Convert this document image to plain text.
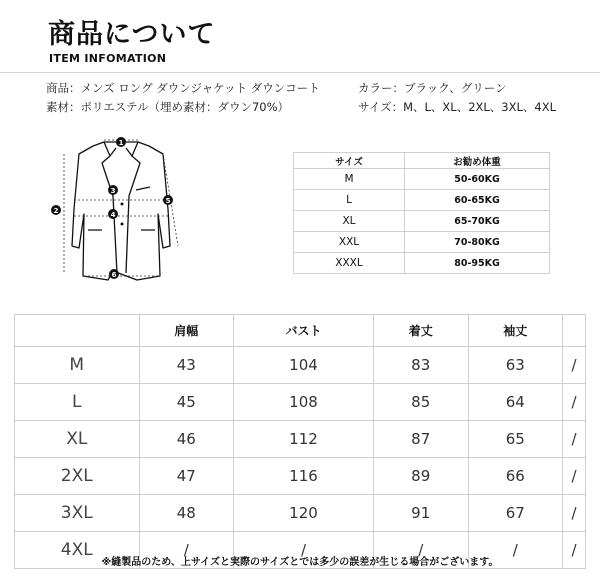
商品について
ITEM INFOMATION
商品：メンズ ロング ダウンジャケット ダウンコート
素材：ポリエステル（埋め素材：ダウン70%）
カラー：ブラック、グリーン
サイズ：M、L、XL、2XL、3XL、4XL
1
2
3
4
5
6
サイズ	お勧め体重
M	50-60KG
L	60-65KG
XL	65-70KG
XXL	70-80KG
XXXL	80-95KG
	肩幅	バスト	着丈	袖丈	
M	43	104	83	63	/
L	45	108	85	64	/
XL	46	112	87	65	/
2XL	47	116	89	66	/
3XL	48	120	91	67	/
4XL	/	/	/	/	/
※縫製品のため、上サイズと実際のサイズとでは多少の誤差が生じる場合がございます。
